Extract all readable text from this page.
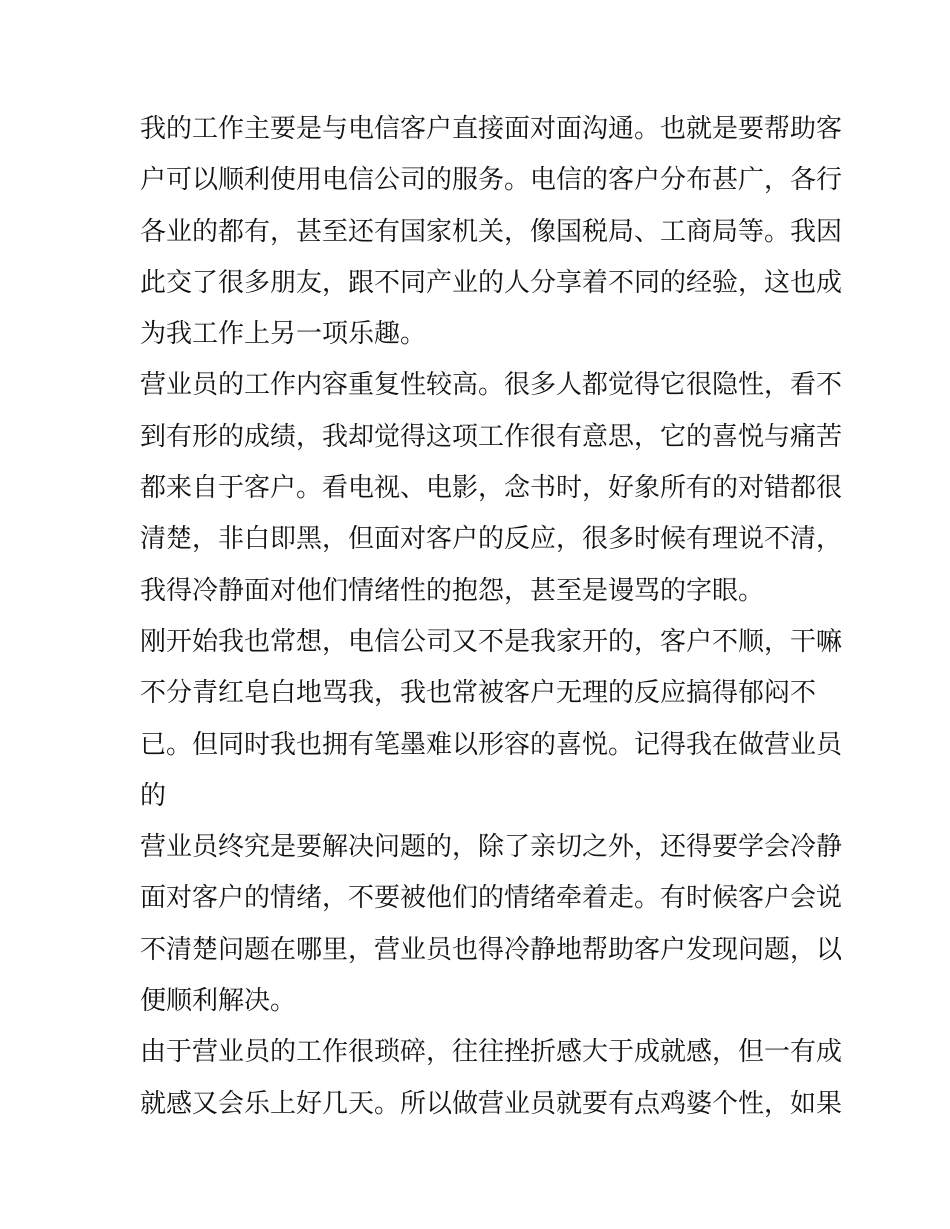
我的工作主要是与电信客户直接面对面沟通。也就是要帮助客
户可以顺利使用电信公司的服务。电信的客户分布甚广，各行
各业的都有，甚至还有国家机关，像国税局、工商局等。我因
此交了很多朋友，跟不同产业的人分享着不同的经验，这也成
为我工作上另一项乐趣。
营业员的工作内容重复性较高。很多人都觉得它很隐性，看不
到有形的成绩，我却觉得这项工作很有意思，它的喜悦与痛苦
都来自于客户。看电视、电影，念书时，好象所有的对错都很
清楚，非白即黑，但面对客户的反应，很多时候有理说不清，
我得冷静面对他们情绪性的抱怨，甚至是谩骂的字眼。
刚开始我也常想，电信公司又不是我家开的，客户不顺，干嘛
不分青红皂白地骂我，我也常被客户无理的反应搞得郁闷不
已。但同时我也拥有笔墨难以形容的喜悦。记得我在做营业员
的
营业员终究是要解决问题的，除了亲切之外，还得要学会冷静
面对客户的情绪，不要被他们的情绪牵着走。有时候客户会说
不清楚问题在哪里，营业员也得冷静地帮助客户发现问题，以
便顺利解决。
由于营业员的工作很琐碎，往往挫折感大于成就感，但一有成
就感又会乐上好几天。所以做营业员就要有点鸡婆个性，如果
